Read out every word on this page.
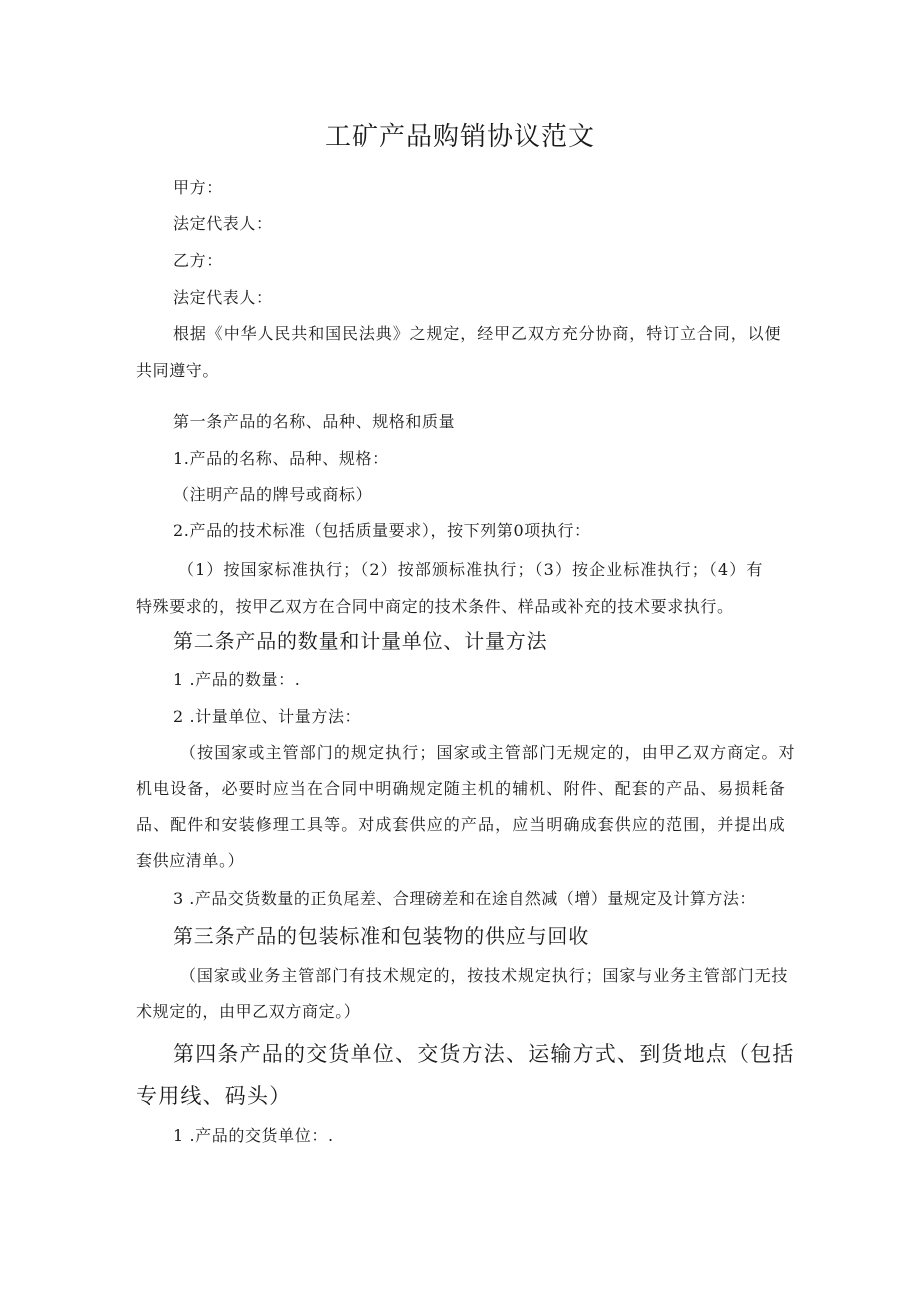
工矿产品购销协议范文
甲方：
法定代表人：
乙方：
法定代表人：
根据《中华人民共和国民法典》之规定，经甲乙双方充分协商，特订立合同，以便
共同遵守。
第一条产品的名称、品种、规格和质量
1.产品的名称、品种、规格：
（注明产品的牌号或商标）
2.产品的技术标准（包括质量要求），按下列第0项执行：
（1）按国家标准执行；（2）按部颁标准执行；（3）按企业标准执行；（4）有
特殊要求的，按甲乙双方在合同中商定的技术条件、样品或补充的技术要求执行。
第二条产品的数量和计量单位、计量方法
1 .产品的数量：.
2 .计量单位、计量方法：
（按国家或主管部门的规定执行；国家或主管部门无规定的，由甲乙双方商定。对
机电设备，必要时应当在合同中明确规定随主机的辅机、附件、配套的产品、易损耗备
品、配件和安装修理工具等。对成套供应的产品，应当明确成套供应的范围，并提出成
套供应清单。）
3 .产品交货数量的正负尾差、合理磅差和在途自然减（增）量规定及计算方法：
第三条产品的包装标准和包装物的供应与回收
（国家或业务主管部门有技术规定的，按技术规定执行；国家与业务主管部门无技
术规定的，由甲乙双方商定。）
第四条产品的交货单位、交货方法、运输方式、到货地点（包括
专用线、码头）
1 .产品的交货单位：.
